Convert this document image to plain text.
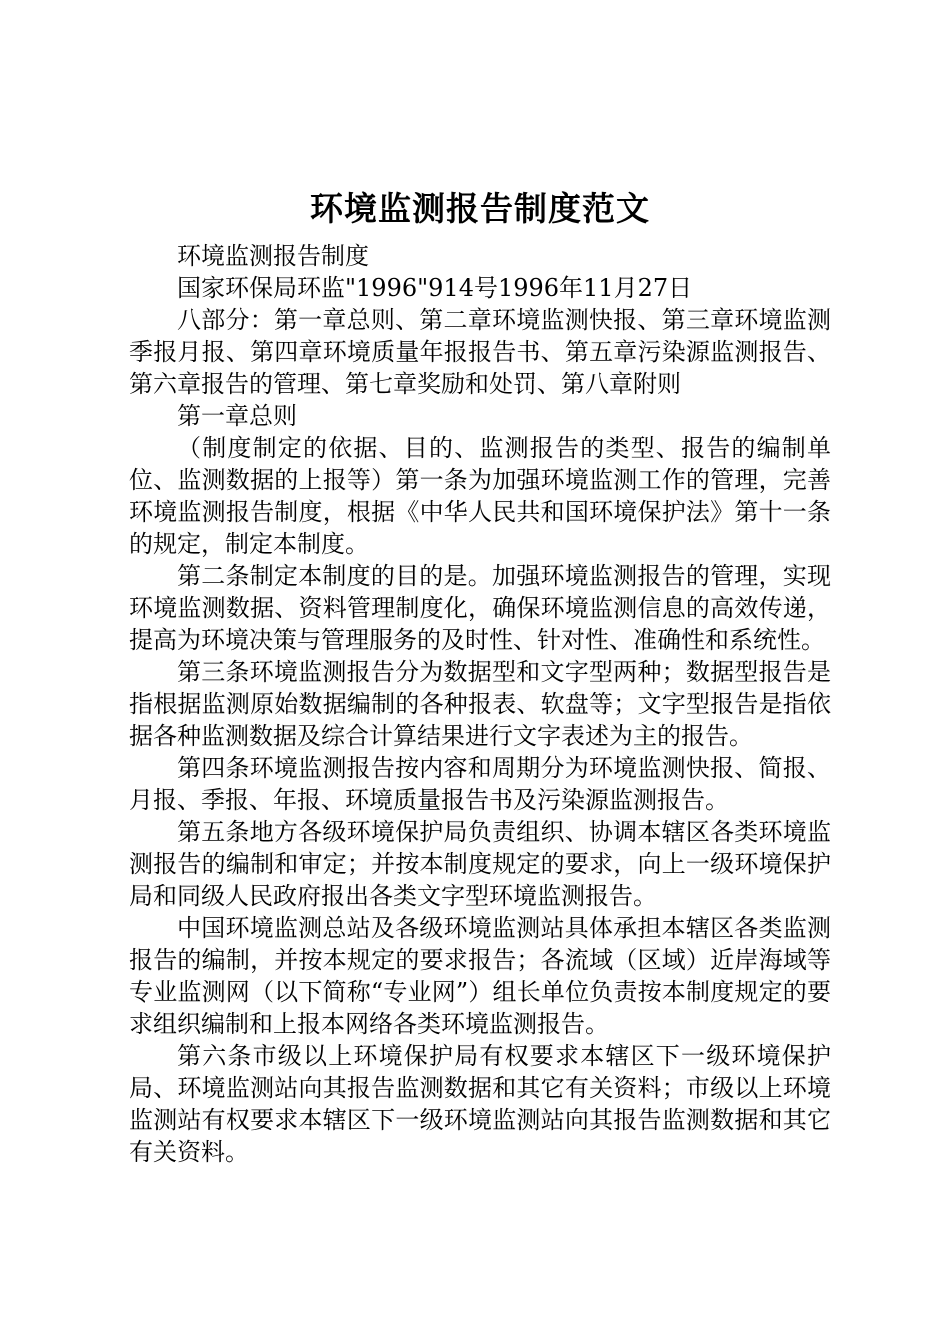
环境监测报告制度范文

环境监测报告制度

国家环保局环监"1996"914号1996年11月27日

八部分：第一章总则、第二章环境监测快报、第三章环境监测季报月报、第四章环境质量年报报告书、第五章污染源监测报告、第六章报告的管理、第七章奖励和处罚、第八章附则

第一章总则

（制度制定的依据、目的、监测报告的类型、报告的编制单位、监测数据的上报等）第一条为加强环境监测工作的管理，完善环境监测报告制度，根据《中华人民共和国环境保护法》第十一条的规定，制定本制度。

第二条制定本制度的目的是。加强环境监测报告的管理，实现环境监测数据、资料管理制度化，确保环境监测信息的高效传递，提高为环境决策与管理服务的及时性、针对性、准确性和系统性。

第三条环境监测报告分为数据型和文字型两种；数据型报告是指根据监测原始数据编制的各种报表、软盘等；文字型报告是指依据各种监测数据及综合计算结果进行文字表述为主的报告。

第四条环境监测报告按内容和周期分为环境监测快报、简报、月报、季报、年报、环境质量报告书及污染源监测报告。

第五条地方各级环境保护局负责组织、协调本辖区各类环境监测报告的编制和审定；并按本制度规定的要求，向上一级环境保护局和同级人民政府报出各类文字型环境监测报告。

中国环境监测总站及各级环境监测站具体承担本辖区各类监测报告的编制，并按本规定的要求报告；各流域（区域）近岸海域等专业监测网（以下简称“专业网”）组长单位负责按本制度规定的要求组织编制和上报本网络各类环境监测报告。

第六条市级以上环境保护局有权要求本辖区下一级环境保护局、环境监测站向其报告监测数据和其它有关资料；市级以上环境监测站有权要求本辖区下一级环境监测站向其报告监测数据和其它有关资料。
